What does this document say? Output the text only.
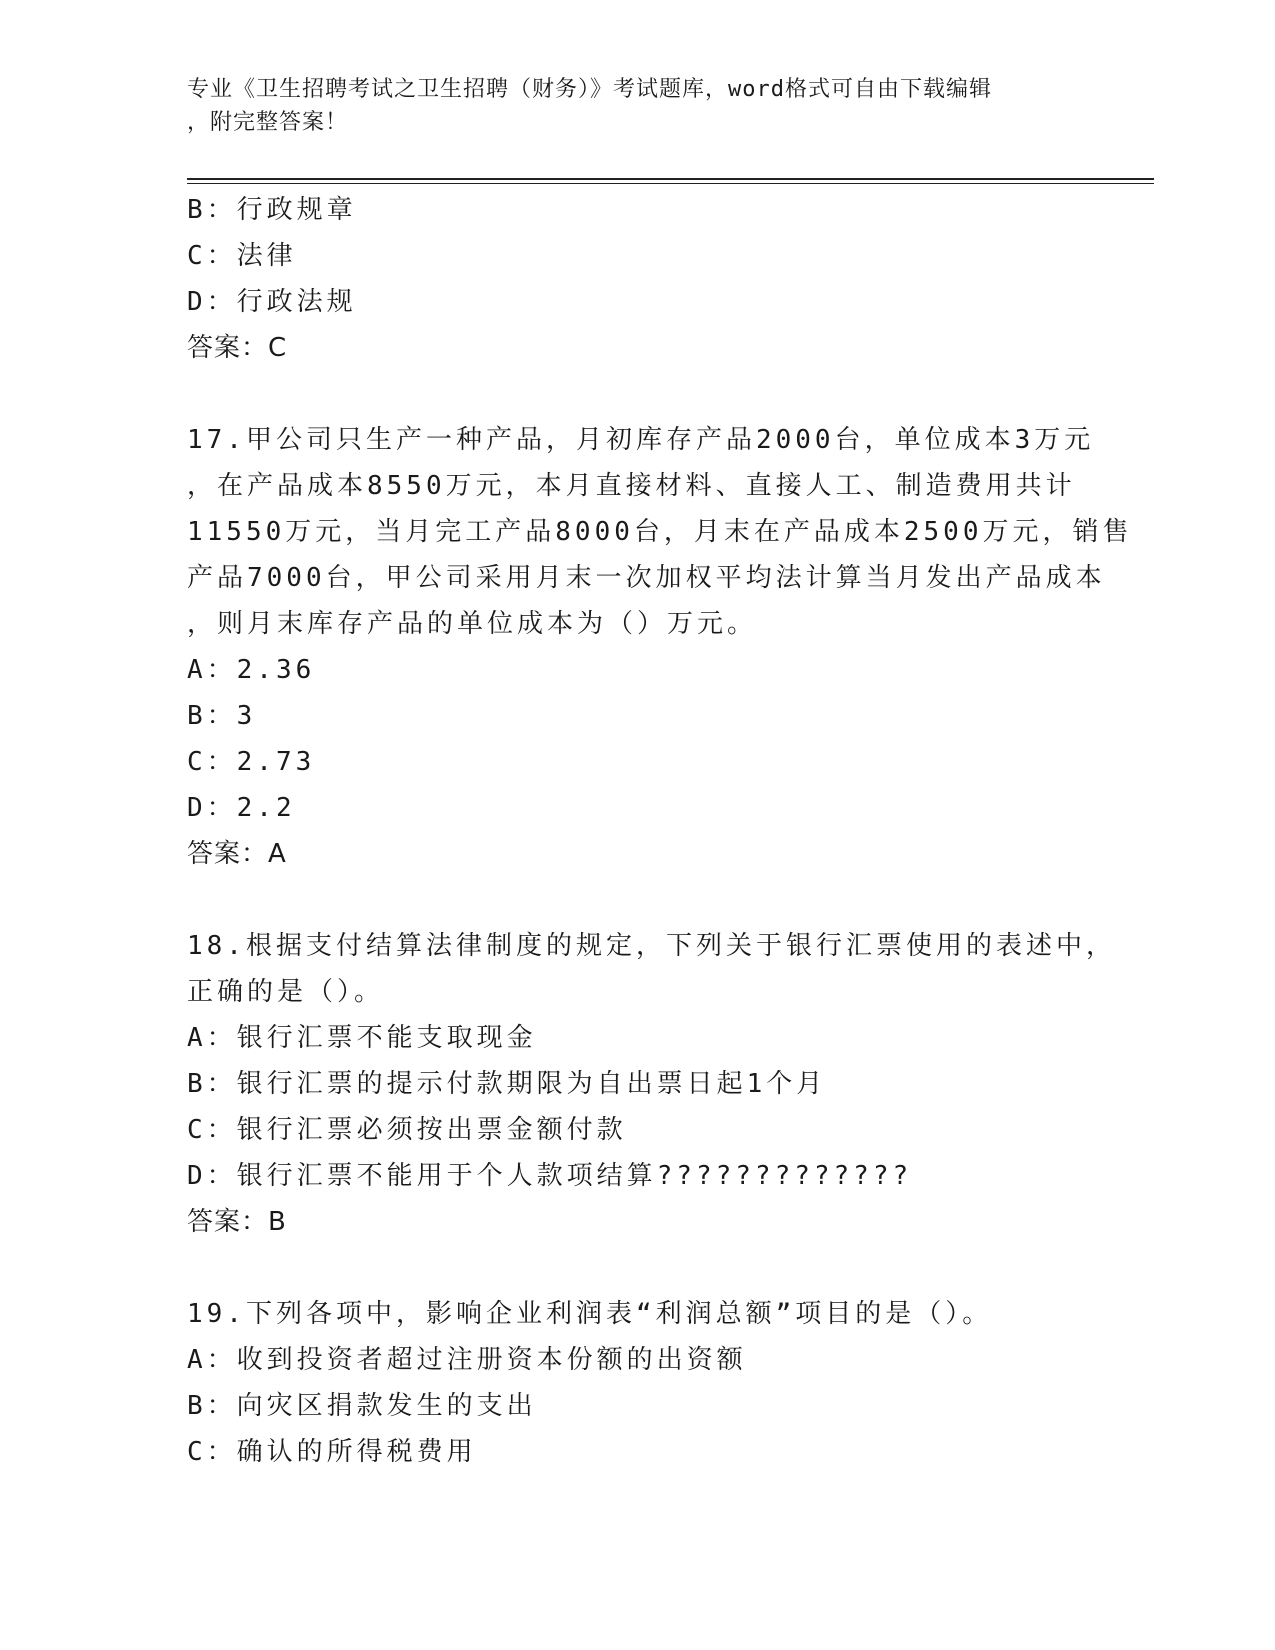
专业《卫生招聘考试之卫生招聘（财务）》考试题库，word格式可自由下载编辑
，附完整答案！
B：行政规章
C：法律
D：行政法规
答案：C
17.甲公司只生产一种产品，月初库存产品2000台，单位成本3万元
，在产品成本8550万元，本月直接材料、直接人工、制造费用共计
11550万元，当月完工产品8000台，月末在产品成本2500万元，销售
产品7000台，甲公司采用月末一次加权平均法计算当月发出产品成本
，则月末库存产品的单位成本为（）万元。
A：2.36
B：3
C：2.73
D：2.2
答案：A
18.根据支付结算法律制度的规定，下列关于银行汇票使用的表述中，
正确的是（）。
A：银行汇票不能支取现金
B：银行汇票的提示付款期限为自出票日起1个月
C：银行汇票必须按出票金额付款
D：银行汇票不能用于个人款项结算?????????????
答案：B
19.下列各项中，影响企业利润表“利润总额”项目的是（）。
A：收到投资者超过注册资本份额的出资额
B：向灾区捐款发生的支出
C：确认的所得税费用
